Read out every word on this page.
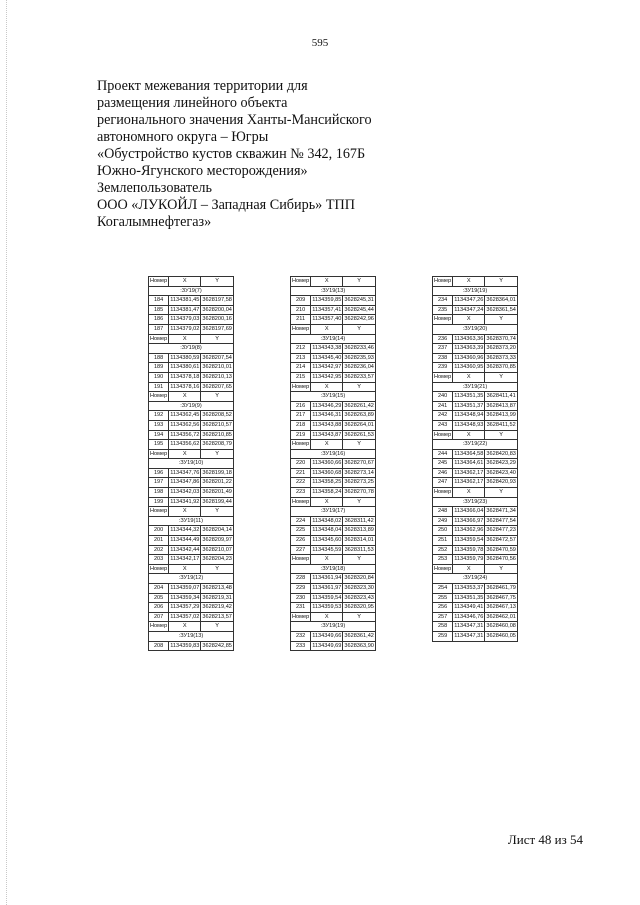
595
Проект межевания территории для
размещения линейного объекта
регионального значения Ханты-Мансийского
автономного округа – Югры
«Обустройство кустов скважин № 342, 167Б
Южно-Ягунского месторождения»
Землепользователь
ООО «ЛУКОЙЛ – Западная Сибирь» ТПП
Когалымнефтегаз»
Номер	X	Y
:ЗУ19(7)		
184	1134381,45	3628197,58
185	1134381,47	3628200,04
186	1134379,03	3628200,16
187	1134379,02	3628197,69
Номер	X	Y
:ЗУ19(8)		
188	1134380,59	3628207,54
189	1134380,61	3628210,01
190	1134378,18	3628210,13
191	1134378,16	3628207,65
Номер	X	Y
:ЗУ19(9)		
192	1134362,45	3628208,52
193	1134362,56	3628210,57
194	1134356,72	3628210,85
195	1134356,62	3628208,79
Номер	X	Y
:ЗУ19(10)		
196	1134347,76	3628199,18
197	1134347,86	3628201,22
198	1134342,03	3628201,49
199	1134341,92	3628199,44
Номер	X	Y
:ЗУ19(11)		
200	1134344,32	3628204,14
201	1134344,49	3628209,97
202	1134342,44	3628210,07
203	1134342,17	3628204,23
Номер	X	Y
:ЗУ19(12)		
204	1134359,07	3628213,48
205	1134359,34	3628219,31
206	1134357,29	3628219,42
207	1134357,02	3628213,57
Номер	X	Y
:ЗУ19(13)		
208	1134359,83	3628242,85
Номер	X	Y
:ЗУ19(13)		
209	1134359,85	3628245,31
210	1134357,41	3628245,44
211	1134357,40	3628242,96
Номер	X	Y
:ЗУ19(14)		
212	1134343,38	3628233,46
213	1134345,40	3628235,93
214	1134342,97	3628236,04
215	1134342,95	3628233,57
Номер	X	Y
:ЗУ19(15)		
216	1134346,29	3628261,42
217	1134346,31	3628263,89
218	1134343,88	3628264,01
219	1134343,87	3628261,53
Номер	X	Y
:ЗУ19(16)		
220	1134360,66	3628270,67
221	1134360,68	3628273,14
222	1134358,25	3628273,25
223	1134358,24	3628270,78
Номер	X	Y
:ЗУ19(17)		
224	1134348,02	3628311,42
225	1134348,04	3628313,89
226	1134345,60	3628314,01
227	1134345,59	3628311,53
Номер	X	Y
:ЗУ19(18)		
228	1134361,94	3628320,84
229	1134361,97	3628323,30
230	1134359,54	3628323,43
231	1134359,53	3628320,95
Номер	X	Y
:ЗУ19(19)		
232	1134349,66	3628361,42
233	1134349,69	3628363,90
Номер	X	Y
:ЗУ19(19)		
234	1134347,26	3628364,01
235	1134347,24	3628361,54
Номер	X	Y
:ЗУ19(20)		
236	1134363,36	3628370,74
237	1134363,39	3628373,20
238	1134360,96	3628373,33
239	1134360,95	3628370,85
Номер	X	Y
:ЗУ19(21)		
240	1134351,35	3628411,41
241	1134351,37	3628413,87
242	1134348,94	3628413,99
243	1134348,93	3628411,52
Номер	X	Y
:ЗУ19(22)		
244	1134364,58	3628420,83
245	1134364,61	3628423,29
246	1134362,17	3628423,40
247	1134362,17	3628420,93
Номер	X	Y
:ЗУ19(23)		
248	1134366,04	3628471,34
249	1134366,97	3628477,54
250	1134362,96	3628477,23
251	1134359,54	3628472,57
252	1134359,78	3628470,59
253	1134359,79	3628470,56
Номер	X	Y
:ЗУ19(24)		
254	1134353,37	3628461,79
255	1134351,35	3628467,75
256	1134349,41	3628467,13
257	1134346,76	3628462,01
258	1134347,31	3628460,08
259	1134347,31	3628460,05
Лист 48 из 54
